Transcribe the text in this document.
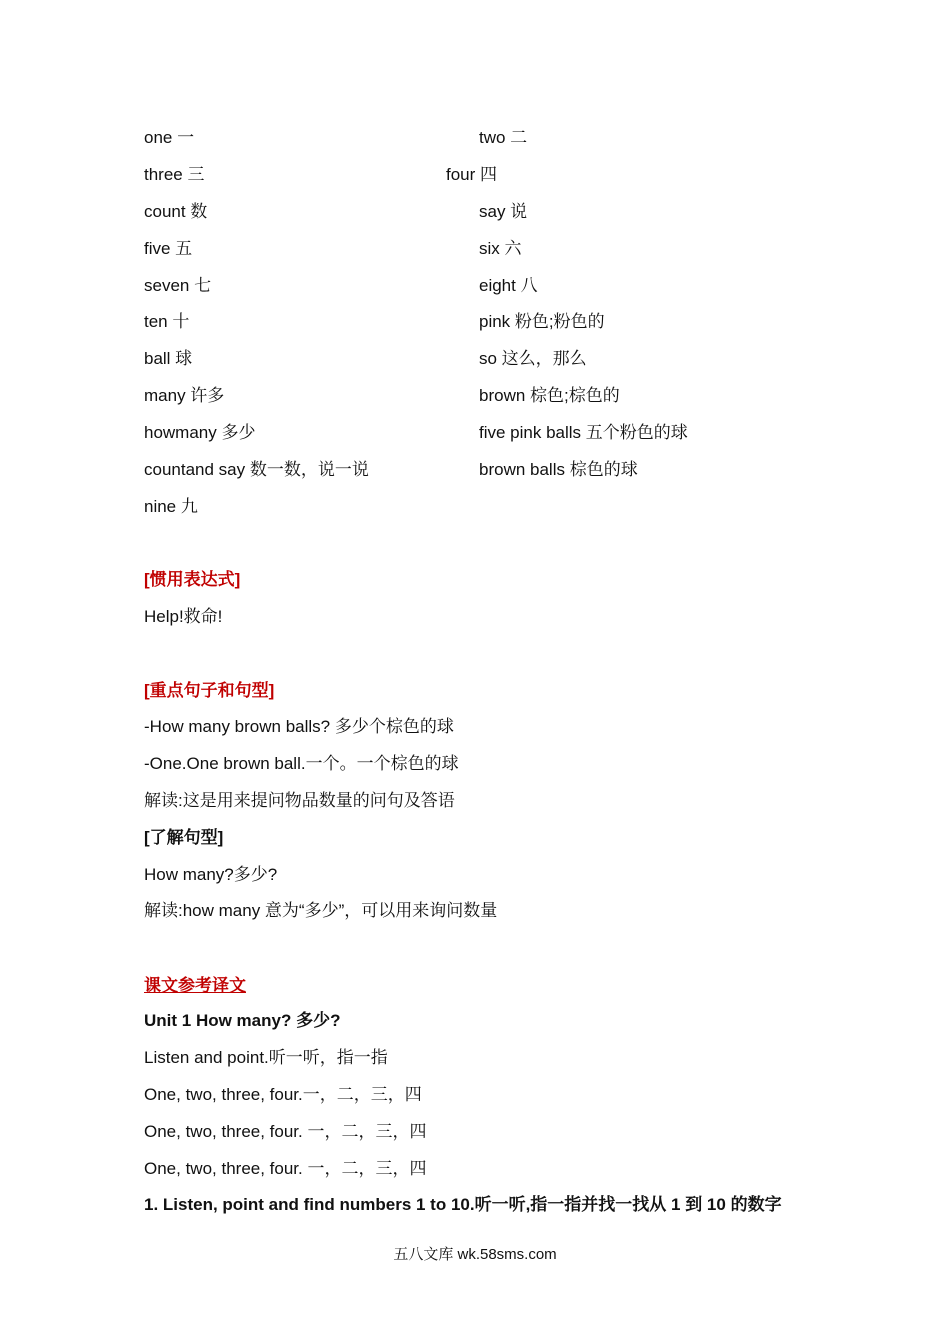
one 一	two 二
three 三	four 四
count 数	say 说
five 五	six 六
seven 七	eight 八
ten 十	pink 粉色;粉色的
ball 球	so 这么，那么
many 许多	brown 棕色;棕色的
howmany 多少	five pink balls 五个粉色的球
countand say 数一数，说一说	brown balls 棕色的球
nine 九
[惯用表达式]
Help!救命!
[重点句子和句型]
-How many brown balls? 多少个棕色的球
-One.One brown ball.一个。一个棕色的球
解读:这是用来提问物品数量的问句及答语
[了解句型]
How many?多少?
解读:how many 意为“多少”，可以用来询问数量
课文参考译文
Unit 1 How many? 多少?
Listen and point.听一听，指一指
One, two, three, four.一，二，三，四
One, two, three, four. 一，二，三，四
One, two, three, four. 一，二，三，四
1. Listen, point and find numbers 1 to 10.听一听,指一指并找一找从 1 到 10 的数字
五八文库 wk.58sms.com
